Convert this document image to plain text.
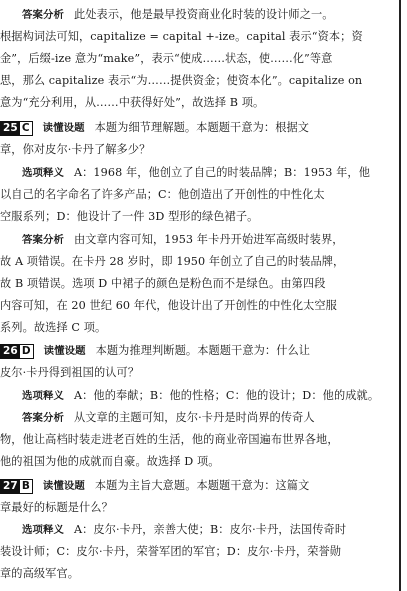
答案分析 此处表示，他是最早投资商业化时装的设计师之一。

根据构词法可知，capitalize = capital +-ize。capital 表示“资本；资

金”，后缀-ize 意为“make”，表示“使成……状态，使……化”等意

思，那么 capitalize 表示“为……提供资金；使资本化”。capitalize on

意为“充分利用，从……中获得好处”，故选择 B 项。

25 C 读懂设题 本题为细节理解题。本题题干意为：根据文

章，你对皮尔·卡丹了解多少？

选项释义 A：1968 年，他创立了自己的时装品牌；B：1953 年，他

以自己的名字命名了许多产品；C：他创造出了开创性的中性化太

空服系列；D：他设计了一件 3D 型形的绿色裙子。

答案分析 由文章内容可知，1953 年卡丹开始进军高级时装界，

故 A 项错误。在卡丹 28 岁时，即 1950 年创立了自己的时装品牌，

故 B 项错误。选项 D 中裙子的颜色是粉色而不是绿色。由第四段

内容可知，在 20 世纪 60 年代，他设计出了开创性的中性化太空服

系列。故选择 C 项。

26 D 读懂设题 本题为推理判断题。本题题干意为：什么让

皮尔·卡丹得到祖国的认可？

选项释义 A：他的奉献；B：他的性格；C：他的设计；D：他的成就。

答案分析 从文章的主题可知，皮尔·卡丹是时尚界的传奇人

物，他让高档时装走进老百姓的生活，他的商业帝国遍布世界各地，

他的祖国为他的成就而自豪。故选择 D 项。

27 B 读懂设题 本题为主旨大意题。本题题干意为：这篇文

章最好的标题是什么？

选项释义 A：皮尔·卡丹，亲善大使；B：皮尔·卡丹，法国传奇时

装设计师；C：皮尔·卡丹，荣誉军团的军官；D：皮尔·卡丹，荣誉勋

章的高级军官。
